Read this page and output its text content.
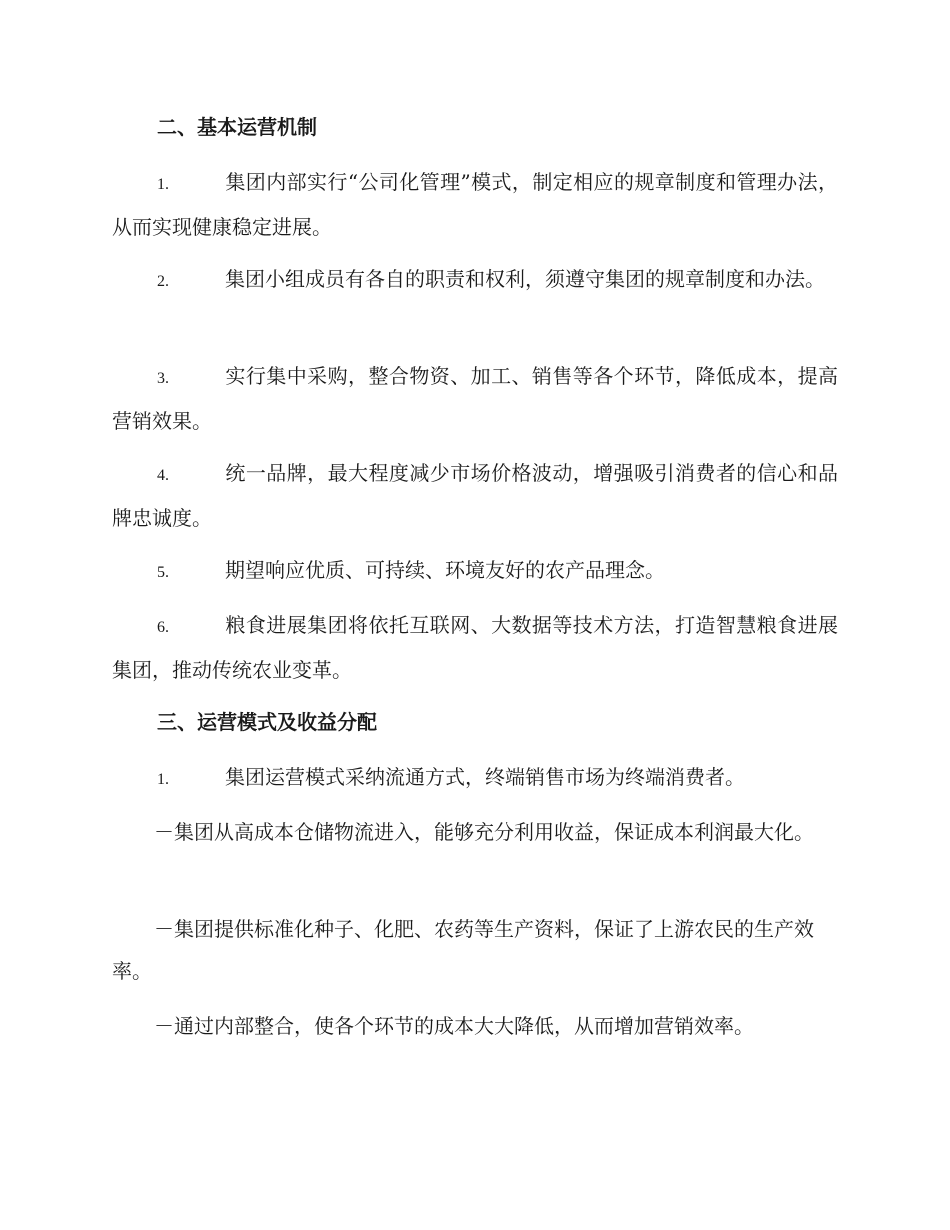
二、基本运营机制
1.	集团内部实行“公司化管理”模式，制定相应的规章制度和管理办法，从而实现健康稳定进展。
2.	集团小组成员有各自的职责和权利，须遵守集团的规章制度和办法。
3.	实行集中采购，整合物资、加工、销售等各个环节，降低成本，提高营销效果。
4.	统一品牌，最大程度减少市场价格波动，增强吸引消费者的信心和品牌忠诚度。
5.	期望响应优质、可持续、环境友好的农产品理念。
6.	粮食进展集团将依托互联网、大数据等技术方法，打造智慧粮食进展集团，推动传统农业变革。
三、运营模式及收益分配
1.	集团运营模式采纳流通方式，终端销售市场为终端消费者。
－集团从高成本仓储物流进入，能够充分利用收益，保证成本利润最大化。
－集团提供标准化种子、化肥、农药等生产资料，保证了上游农民的生产效率。
－通过内部整合，使各个环节的成本大大降低，从而增加营销效率。
